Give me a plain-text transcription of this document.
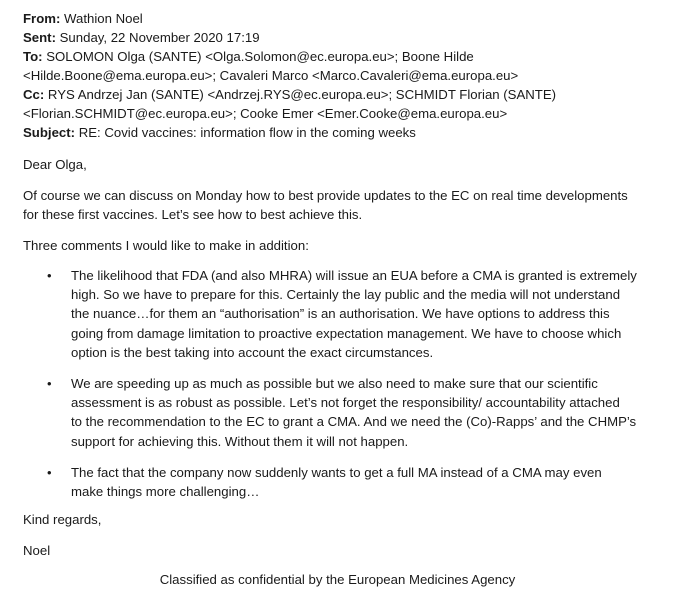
From: Wathion Noel
Sent: Sunday, 22 November 2020 17:19
To: SOLOMON Olga (SANTE) <Olga.Solomon@ec.europa.eu>; Boone Hilde
<Hilde.Boone@ema.europa.eu>; Cavaleri Marco <Marco.Cavaleri@ema.europa.eu>
Cc: RYS Andrzej Jan (SANTE) <Andrzej.RYS@ec.europa.eu>; SCHMIDT Florian (SANTE)
<Florian.SCHMIDT@ec.europa.eu>; Cooke Emer <Emer.Cooke@ema.europa.eu>
Subject: RE: Covid vaccines: information flow in the coming weeks
Dear Olga,
Of course we can discuss on Monday how to best provide updates to the EC on real time developments
for these first vaccines. Let’s see how to best achieve this.
Three comments I would like to make in addition:
• The likelihood that FDA (and also MHRA) will issue an EUA before a CMA is granted is extremely
high. So we have to prepare for this. Certainly the lay public and the media will not understand
the nuance…for them an “authorisation” is an authorisation. We have options to address this
going from damage limitation to proactive expectation management. We have to choose which
option is the best taking into account the exact circumstances.
• We are speeding up as much as possible but we also need to make sure that our scientific
assessment is as robust as possible. Let’s not forget the responsibility/ accountability attached
to the recommendation to the EC to grant a CMA. And we need the (Co)-Rapps’ and the CHMP’s
support for achieving this. Without them it will not happen.
• The fact that the company now suddenly wants to get a full MA instead of a CMA may even
make things more challenging…
Kind regards,
Noel
Classified as confidential by the European Medicines Agency
